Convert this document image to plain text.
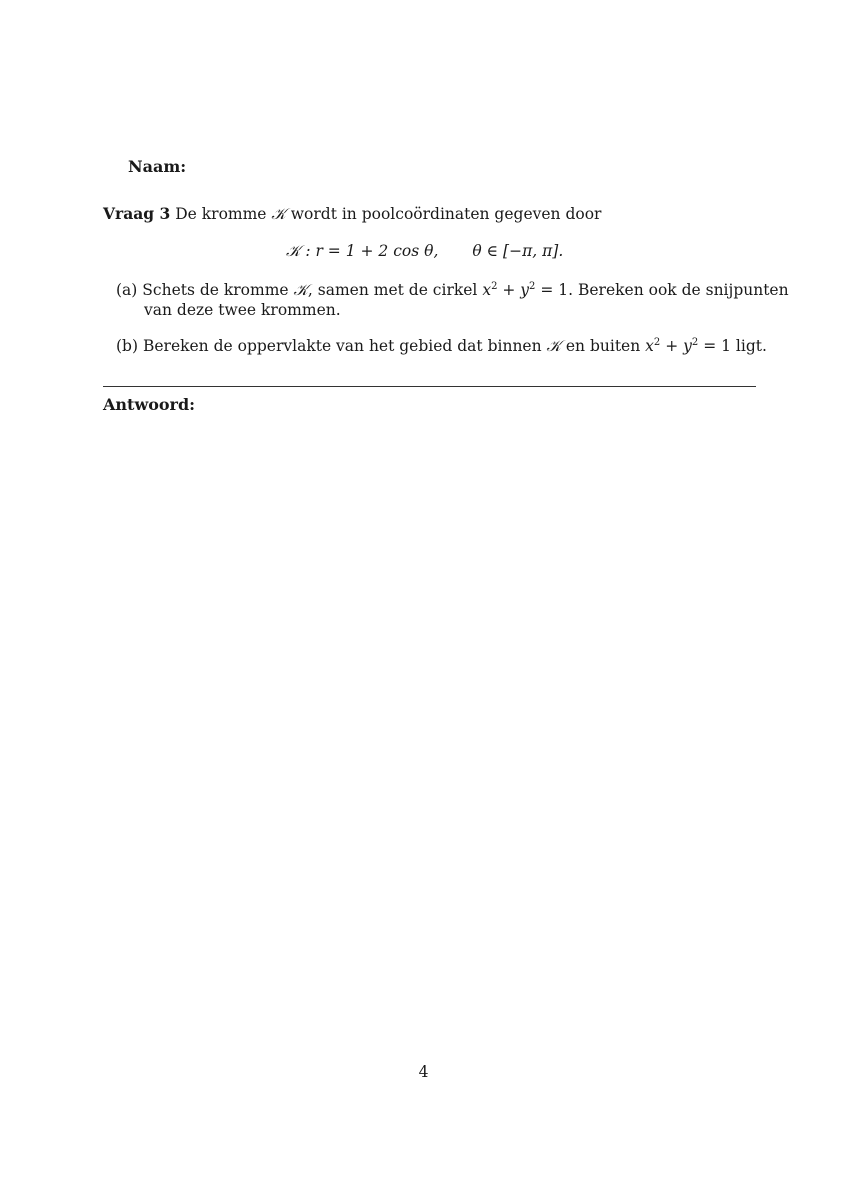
Naam:
Vraag 3 De kromme 𝒦 wordt in poolcoördinaten gegeven door
𝒦 : r = 1 + 2 cos θ, θ ∈ [−π, π].
(a) Schets de kromme 𝒦, samen met de cirkel $x^2 + y^2 = 1$. Bereken ook de snijpunten
van deze twee krommen.
(b) Bereken de oppervlakte van het gebied dat binnen 𝒦 en buiten $x^2 + y^2 = 1$ ligt.
Antwoord:
4
